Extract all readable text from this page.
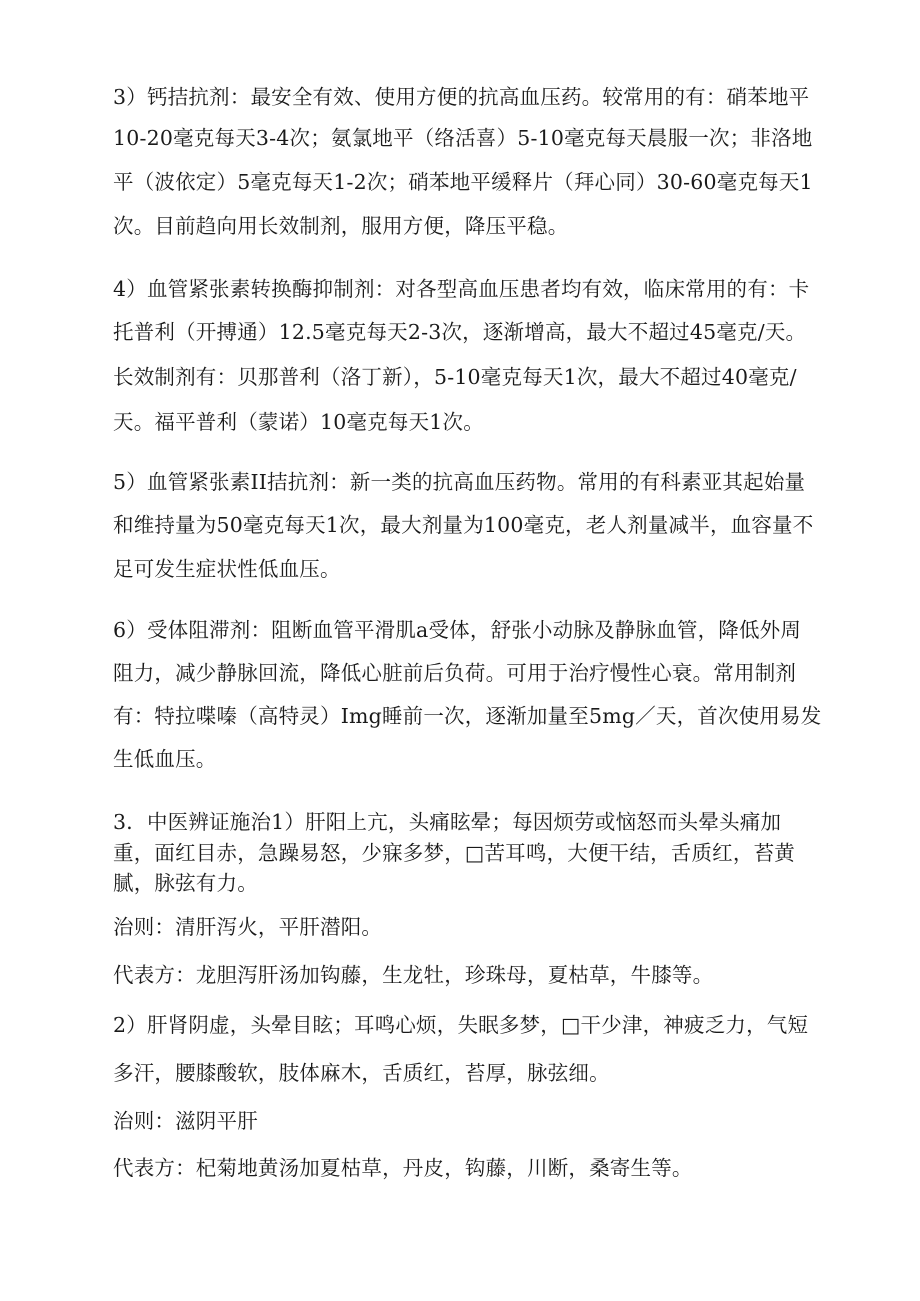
3）钙拮抗剂：最安全有效、使用方便的抗高血压药。较常用的有：硝苯地平
10-20毫克每天3-4次；氨氯地平（络活喜）5-10毫克每天晨服一次；非洛地
平（波依定）5毫克每天1-2次；硝苯地平缓释片（拜心同）30-60毫克每天1
次。目前趋向用长效制剂，服用方便，降压平稳。
4）血管紧张素转换酶抑制剂：对各型高血压患者均有效，临床常用的有：卡
托普利（开搏通）12.5毫克每天2-3次，逐渐增高，最大不超过45毫克/天。
长效制剂有：贝那普利（洛丁新），5-10毫克每天1次，最大不超过40毫克/
天。福平普利（蒙诺）10毫克每天1次。
5）血管紧张素II拮抗剂：新一类的抗高血压药物。常用的有科素亚其起始量
和维持量为50毫克每天1次，最大剂量为100毫克，老人剂量减半，血容量不
足可发生症状性低血压。
6）受体阻滞剂：阻断血管平滑肌a受体，舒张小动脉及静脉血管，降低外周
阻力，减少静脉回流，降低心脏前后负荷。可用于治疗慢性心衰。常用制剂
有：特拉喋嗪（高特灵）Img睡前一次，逐渐加量至5mg／天，首次使用易发
生低血压。
3．中医辨证施治1）肝阳上亢，头痛眩晕；每因烦劳或恼怒而头晕头痛加
重，面红目赤，急躁易怒，少寐多梦，□苦耳鸣，大便干结，舌质红，苔黄
腻，脉弦有力。
治则：清肝泻火，平肝潜阳。
代表方：龙胆泻肝汤加钩藤，生龙牡，珍珠母，夏枯草，牛膝等。
2）肝肾阴虚，头晕目眩；耳鸣心烦，失眠多梦，□干少津，神疲乏力，气短
多汗，腰膝酸软，肢体麻木，舌质红，苔厚，脉弦细。
治则：滋阴平肝
代表方：杞菊地黄汤加夏枯草，丹皮，钩藤，川断，桑寄生等。
